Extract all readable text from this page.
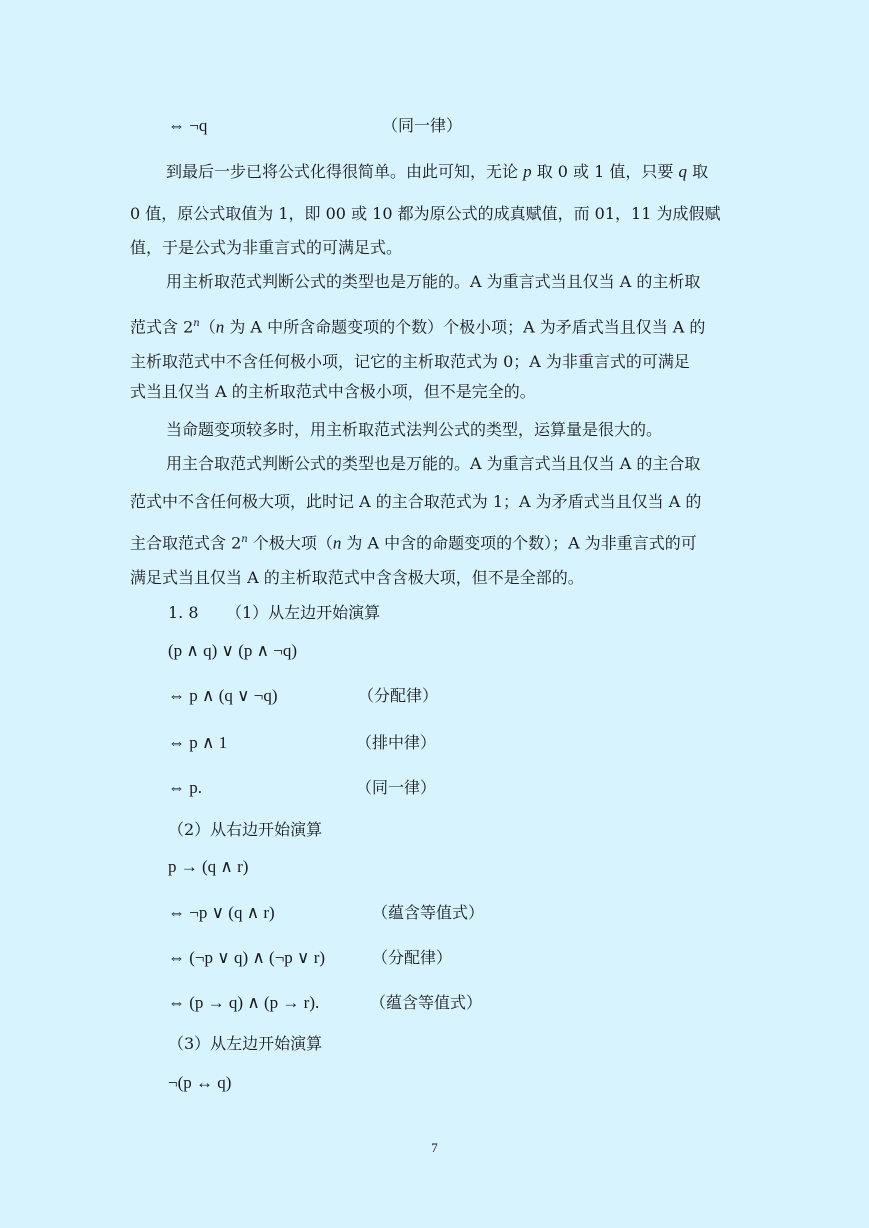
⇔ ¬q	（同一律）
到最后一步已将公式化得很简单。由此可知，无论 p 取 0 或 1 值，只要 q 取
0 值，原公式取值为 1，即 00 或 10 都为原公式的成真赋值，而 01，11 为成假赋
值，于是公式为非重言式的可满足式。
用主析取范式判断公式的类型也是万能的。A 为重言式当且仅当 A 的主析取
范式含 2$^n$（n 为 A 中所含命题变项的个数）个极小项；A 为矛盾式当且仅当 A 的
主析取范式中不含任何极小项，记它的主析取范式为 0；A 为非重言式的可满足
式当且仅当 A 的主析取范式中含极小项，但不是完全的。
当命题变项较多时，用主析取范式法判公式的类型，运算量是很大的。
用主合取范式判断公式的类型也是万能的。A 为重言式当且仅当 A 的主合取
范式中不含任何极大项，此时记 A 的主合取范式为 1；A 为矛盾式当且仅当 A 的
主合取范式含 2$^n$ 个极大项（n 为 A 中含的命题变项的个数）；A 为非重言式的可
满足式当且仅当 A 的主析取范式中含含极大项，但不是全部的。
1. 8 （1）从左边开始演算
(p ∧ q) ∨ (p ∧ ¬q)
⇔ p ∧ (q ∨ ¬q)	（分配律）
⇔ p ∧ 1	（排中律）
⇔ p.	（同一律）
（2）从右边开始演算
p → (q ∧ r)
⇔ ¬p ∨ (q ∧ r)	（蕴含等值式）
⇔ (¬p ∨ q) ∧ (¬p ∨ r)	（分配律）
⇔ (p → q) ∧ (p → r).	（蕴含等值式）
（3）从左边开始演算
¬(p ↔ q)
7
